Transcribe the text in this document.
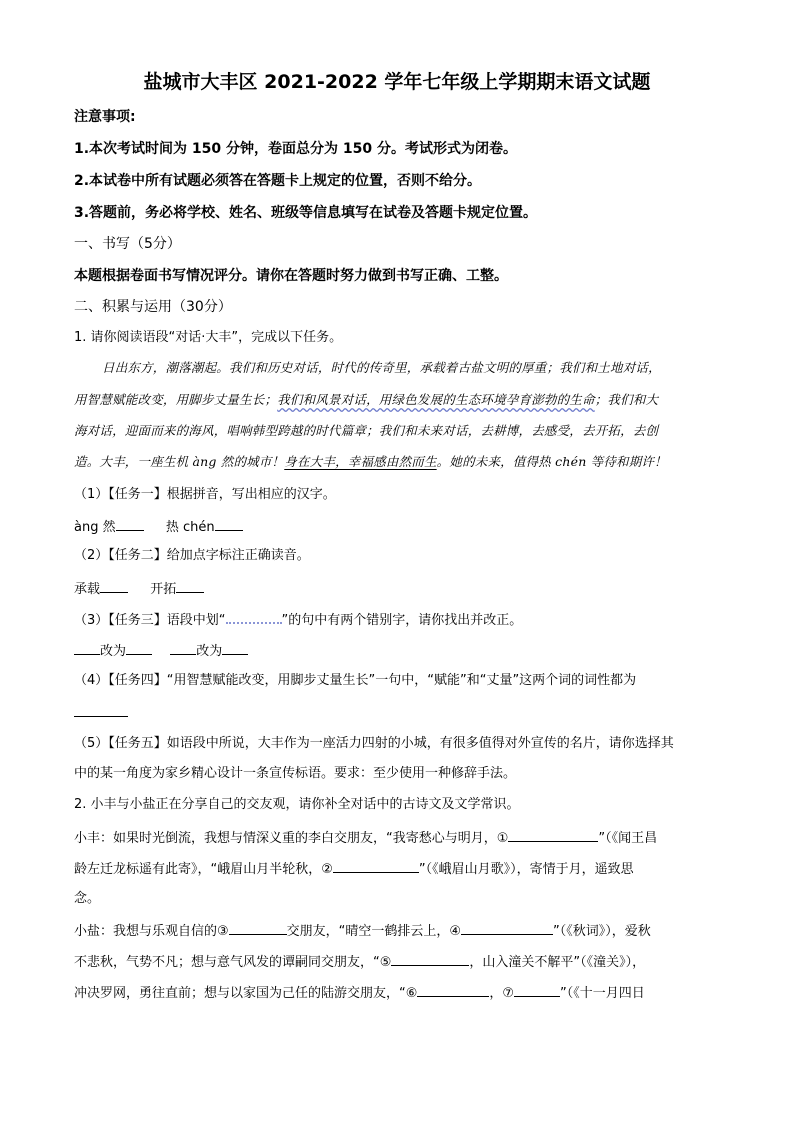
盐城市大丰区 2021-2022 学年七年级上学期期末语文试题
注意事项:
1.本次考试时间为 150 分钟，卷面总分为 150 分。考试形式为闭卷。
2.本试卷中所有试题必须答在答题卡上规定的位置，否则不给分。
3.答题前，务必将学校、姓名、班级等信息填写在试卷及答题卡规定位置。
一、书写（5分）
本题根据卷面书写情况评分。请你在答题时努力做到书写正确、工整。
二、积累与运用（30分）
1. 请你阅读语段“对话·大丰”，完成以下任务。
日出东方，潮落潮起。我们和历史对话，时代的传奇里，承载着古盐文明的厚重；我们和土地对话，
用智慧赋能改变，用脚步丈量生长；我们和风景对话，用绿色发展的生态环境孕育澎勃的生命；我们和大
海对话，迎面而来的海风，唱响韩型跨越的时代篇章；我们和未来对话，去耕博，去感受，去开拓，去创
造。大丰，一座生机 àng 然的城市！身在大丰，幸福感由然而生。她的未来，值得热 chén 等待和期许！
（1）【任务一】根据拼音，写出相应的汉字。
àng 然	热 chén
（2）【任务二】给加点字标注正确读音。
承载	开拓
（3）【任务三】语段中划“	”的句中有两个错别字，请你找出并改正。
改为	改为
（4）【任务四】“用智慧赋能改变，用脚步丈量生长”一句中，“赋能”和“丈量”这两个词的词性都为
（5）【任务五】如语段中所说，大丰作为一座活力四射的小城，有很多值得对外宣传的名片，请你选择其
中的某一角度为家乡精心设计一条宣传标语。要求：至少使用一种修辞手法。
2. 小丰与小盐正在分享自己的交友观，请你补全对话中的古诗文及文学常识。
小丰：如果时光倒流，我想与情深义重的李白交朋友，“我寄愁心与明月，①	”（《闻王昌
龄左迁龙标遥有此寄》，“峨眉山月半轮秋，②	”（《峨眉山月歌》），寄情于月，遥致思
念。
小盐：我想与乐观自信的③	交朋友，“晴空一鹤排云上，④	”（《秋词》），爱秋
不悲秋，气势不凡；想与意气风发的谭嗣同交朋友，“⑤	，山入潼关不解平”（《潼关》），
冲决罗网，勇往直前；想与以家国为己任的陆游交朋友，“⑥	，⑦	”（《十一月四日
